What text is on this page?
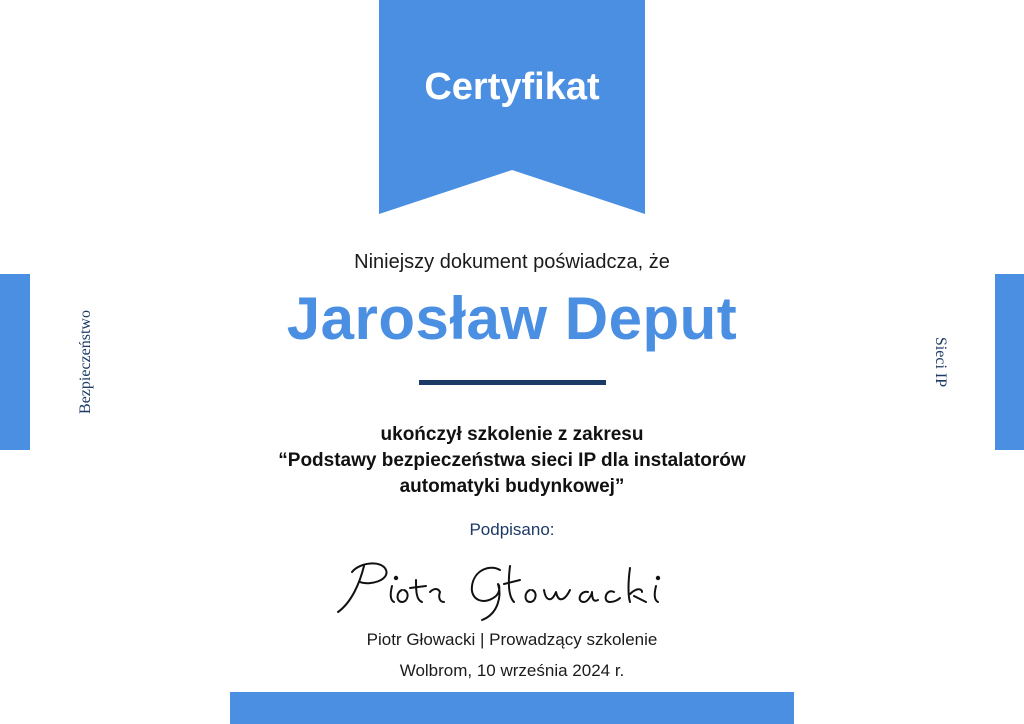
Certyfikat
Bezpieczeństwo	Sieci IP
Niniejszy dokument poświadcza, że
Jarosław Deput
ukończył szkolenie z zakresu
“Podstawy bezpieczeństwa sieci IP dla instalatorów
automatyki budynkowej”
Podpisano:
Piotr Głowacki | Prowadzący szkolenie
Wolbrom, 10 września 2024 r.
